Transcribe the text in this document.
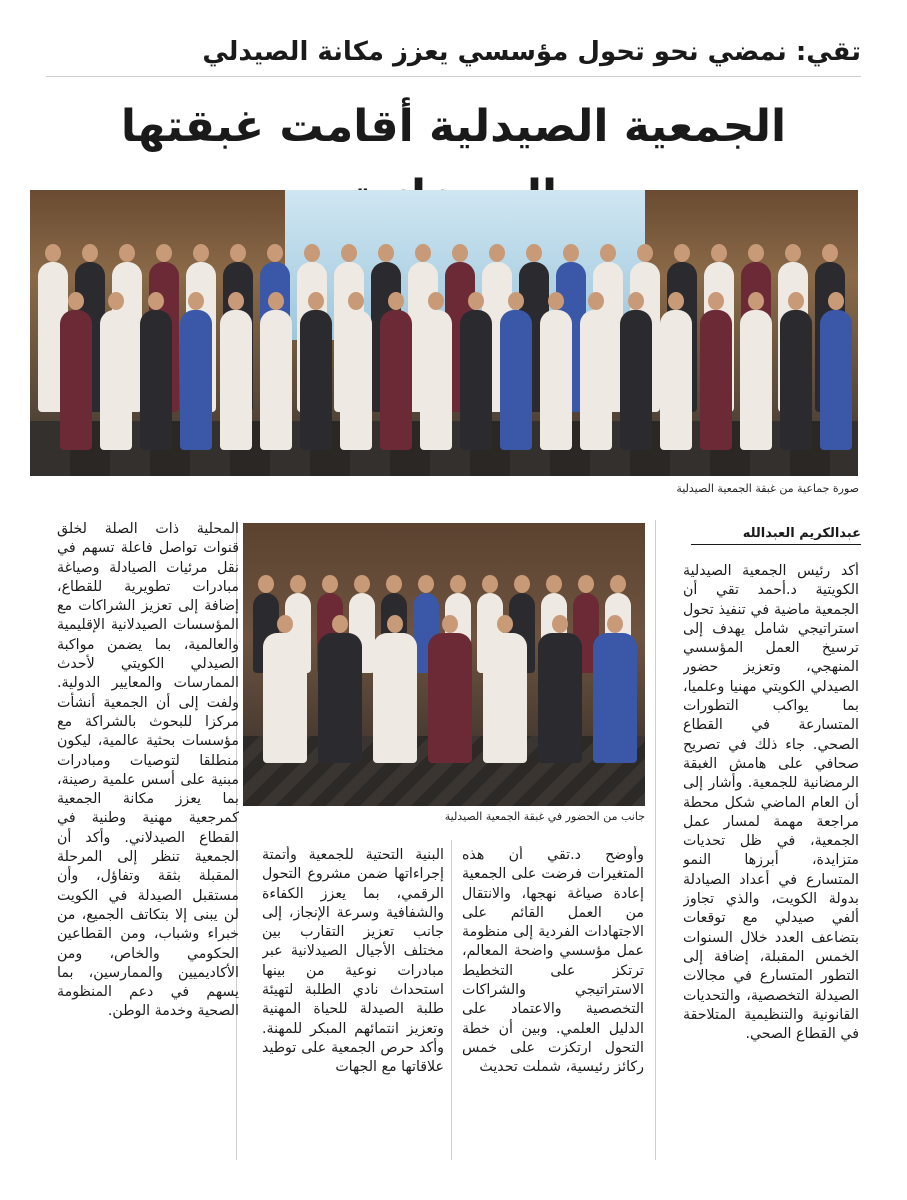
تقي: نمضي نحو تحول مؤسسي يعزز مكانة الصيدلي
الجمعية الصيدلية أقامت غبقتها
صورة جماعية من غبقة الجمعية الصيدلية
جانب من الحضور في غبقة الجمعية الصيدلية
عبدالكريم العبدالله

أكد رئيس الجمعية الصيدلية الكويتية د.أحمد تقي أن الجمعية ماضية في تنفيذ تحول استراتيجي شامل يهدف إلى ترسيخ العمل المؤسسي المنهجي، وتعزيز حضور الصيدلي الكويتي مهنيا وعلميا، بما يواكب التطورات المتسارعة في القطاع الصحي. جاء ذلك في تصريح صحافي على هامش الغبقة الرمضانية للجمعية. وأشار إلى أن العام الماضي شكل محطة مراجعة مهمة لمسار عمل الجمعية، في ظل تحديات متزايدة، أبرزها النمو المتسارع في أعداد الصيادلة بدولة الكويت، والذي تجاوز ألفي صيدلي مع توقعات بتضاعف العدد خلال السنوات الخمس المقبلة، إضافة إلى التطور المتسارع في مجالات الصيدلة التخصصية، والتحديات القانونية والتنظيمية المتلاحقة في القطاع الصحي.

وأوضح د.تقي أن هذه المتغيرات فرضت على الجمعية إعادة صياغة نهجها، والانتقال من العمل القائم على الاجتهادات الفردية إلى منظومة عمل مؤسسي واضحة المعالم، ترتكز على التخطيط الاستراتيجي والشراكات التخصصية والاعتماد على الدليل العلمي. وبين أن خطة التحول ارتكزت على خمس ركائز رئيسية، شملت تحديث

البنية التحتية للجمعية وأتمتة إجراءاتها ضمن مشروع التحول الرقمي، بما يعزز الكفاءة والشفافية وسرعة الإنجاز، إلى جانب تعزيز التقارب بين مختلف الأجيال الصيدلانية عبر مبادرات نوعية من بينها استحداث نادي الطلبة لتهيئة طلبة الصيدلة للحياة المهنية وتعزيز انتمائهم المبكر للمهنة. وأكد حرص الجمعية على توطيد علاقاتها مع الجهات

المحلية ذات الصلة لخلق قنوات تواصل فاعلة تسهم في نقل مرئيات الصيادلة وصياغة مبادرات تطويرية للقطاع، إضافة إلى تعزيز الشراكات مع المؤسسات الصيدلانية الإقليمية والعالمية، بما يضمن مواكبة الصيدلي الكويتي لأحدث الممارسات والمعايير الدولية. ولفت إلى أن الجمعية أنشأت مركزا للبحوث بالشراكة مع مؤسسات بحثية عالمية، ليكون منطلقا لتوصيات ومبادرات مبنية على أسس علمية رصينة، بما يعزز مكانة الجمعية كمرجعية مهنية وطنية في القطاع الصيدلاني. وأكد أن الجمعية تنظر إلى المرحلة المقبلة بثقة وتفاؤل، وأن مستقبل الصيدلة في الكويت لن يبنى إلا بتكاتف الجميع، من خبراء وشباب، ومن القطاعين الحكومي والخاص، ومن الأكاديميين والممارسين، بما يسهم في دعم المنظومة الصحية وخدمة الوطن.
